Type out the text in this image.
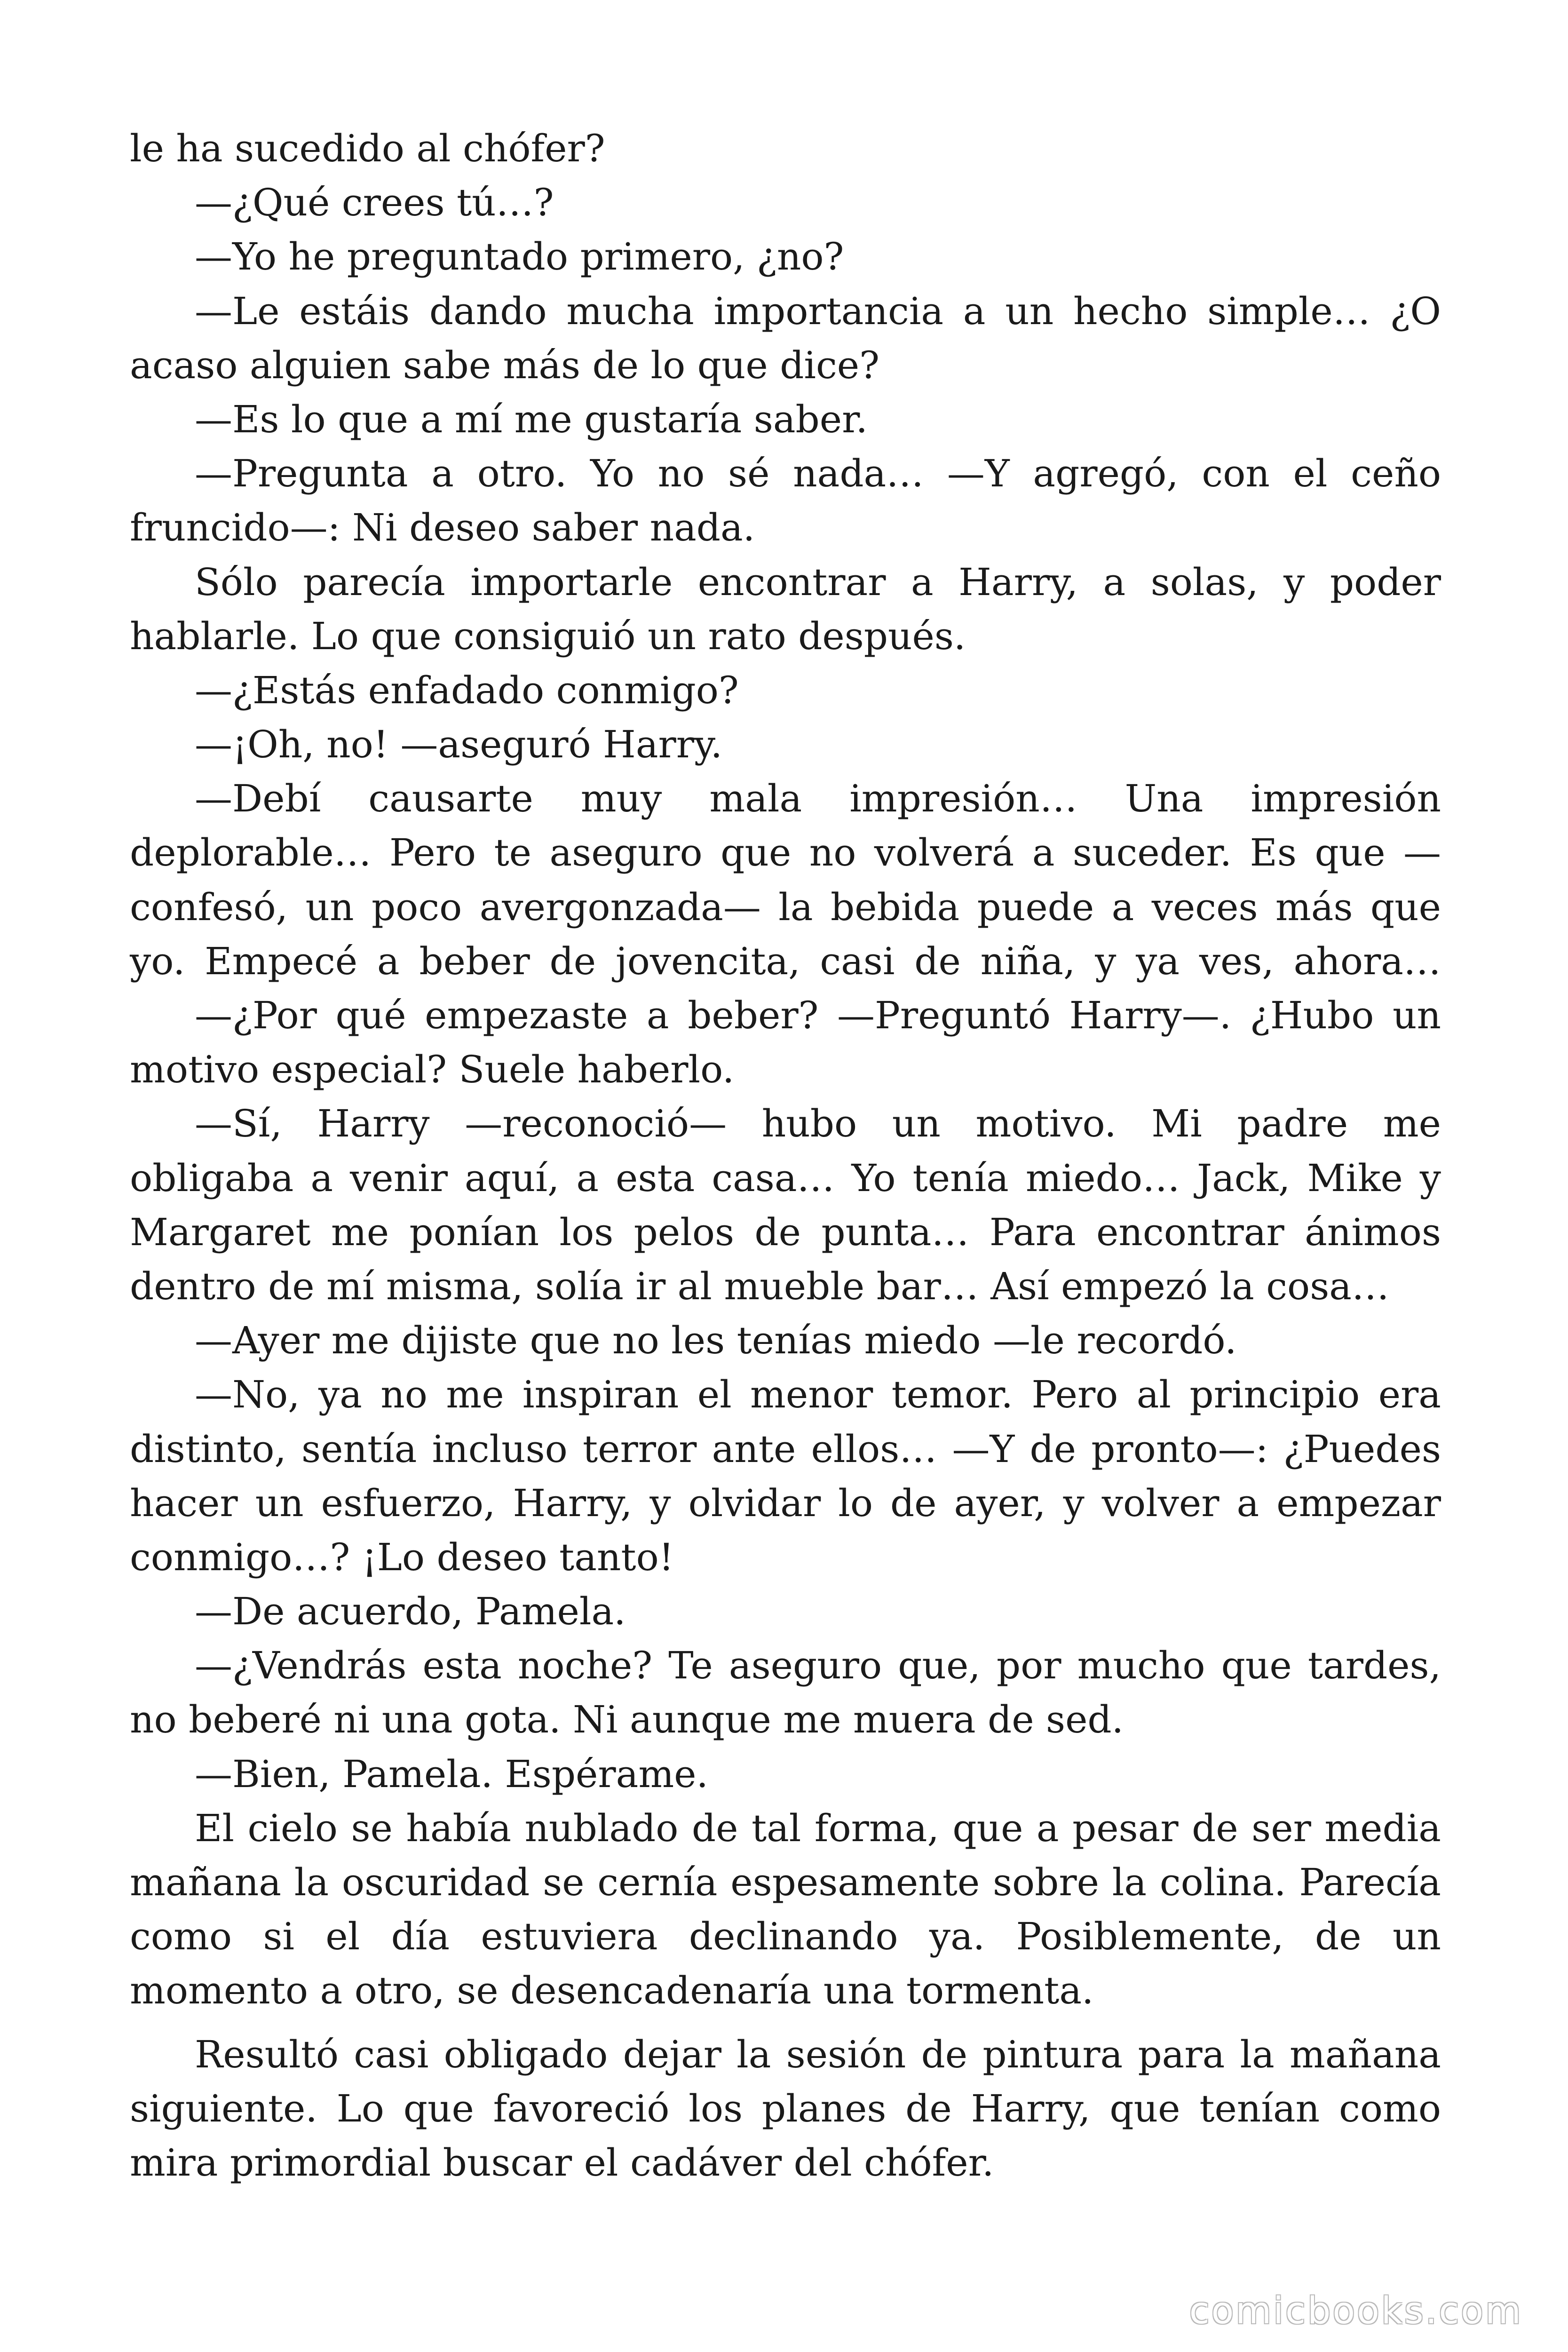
le ha sucedido al chófer?
—¿Qué crees tú…?
—Yo he preguntado primero, ¿no?
—Le estáis dando mucha importancia a un hecho simple… ¿O
acaso alguien sabe más de lo que dice?
—Es lo que a mí me gustaría saber.
—Pregunta a otro. Yo no sé nada… —Y agregó, con el ceño
fruncido—: Ni deseo saber nada.
Sólo parecía importarle encontrar a Harry, a solas, y poder
hablarle. Lo que consiguió un rato después.
—¿Estás enfadado conmigo?
—¡Oh, no! —aseguró Harry.
—Debí causarte muy mala impresión… Una impresión
deplorable… Pero te aseguro que no volverá a suceder. Es que —
confesó, un poco avergonzada— la bebida puede a veces más que
yo. Empecé a beber de jovencita, casi de niña, y ya ves, ahora…
—¿Por qué empezaste a beber? —Preguntó Harry—. ¿Hubo un
motivo especial? Suele haberlo.
—Sí, Harry —reconoció— hubo un motivo. Mi padre me
obligaba a venir aquí, a esta casa… Yo tenía miedo… Jack, Mike y
Margaret me ponían los pelos de punta… Para encontrar ánimos
dentro de mí misma, solía ir al mueble bar… Así empezó la cosa…
—Ayer me dijiste que no les tenías miedo —le recordó.
—No, ya no me inspiran el menor temor. Pero al principio era
distinto, sentía incluso terror ante ellos… —Y de pronto—: ¿Puedes
hacer un esfuerzo, Harry, y olvidar lo de ayer, y volver a empezar
conmigo…? ¡Lo deseo tanto!
—De acuerdo, Pamela.
—¿Vendrás esta noche? Te aseguro que, por mucho que tardes,
no beberé ni una gota. Ni aunque me muera de sed.
—Bien, Pamela. Espérame.
El cielo se había nublado de tal forma, que a pesar de ser media
mañana la oscuridad se cernía espesamente sobre la colina. Parecía
como si el día estuviera declinando ya. Posiblemente, de un
momento a otro, se desencadenaría una tormenta.
Resultó casi obligado dejar la sesión de pintura para la mañana
siguiente. Lo que favoreció los planes de Harry, que tenían como
mira primordial buscar el cadáver del chófer.
comicbooks.com
